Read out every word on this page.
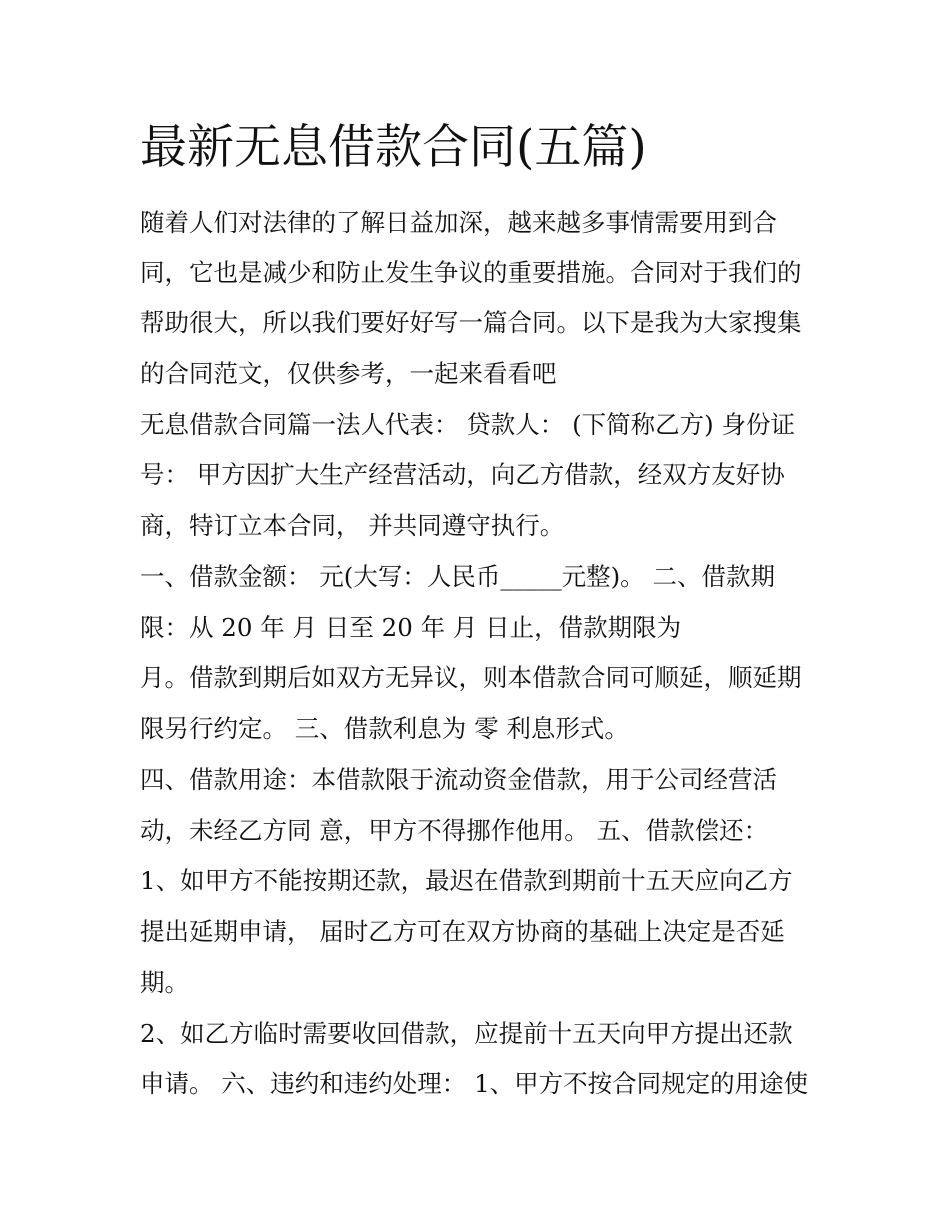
最新无息借款合同(五篇)
随着人们对法律的了解日益加深，越来越多事情需要用到合
同，它也是减少和防止发生争议的重要措施。合同对于我们的
帮助很大，所以我们要好好写一篇合同。以下是我为大家搜集
的合同范文，仅供参考，一起来看看吧
无息借款合同篇一法人代表： 贷款人： (下简称乙方) 身份证
号： 甲方因扩大生产经营活动，向乙方借款，经双方友好协
商，特订立本合同， 并共同遵守执行。
一、借款金额： 元(大写：人民币_____元整)。 二、借款期
限：从 20 年 月 日至 20 年 月 日止，借款期限为
月。借款到期后如双方无异议，则本借款合同可顺延，顺延期
限另行约定。 三、借款利息为 零 利息形式。
四、借款用途：本借款限于流动资金借款，用于公司经营活
动，未经乙方同 意，甲方不得挪作他用。 五、借款偿还：
1、如甲方不能按期还款，最迟在借款到期前十五天应向乙方
提出延期申请， 届时乙方可在双方协商的基础上决定是否延
期。
2、如乙方临时需要收回借款，应提前十五天向甲方提出还款
申请。 六、违约和违约处理： 1、甲方不按合同规定的用途使
